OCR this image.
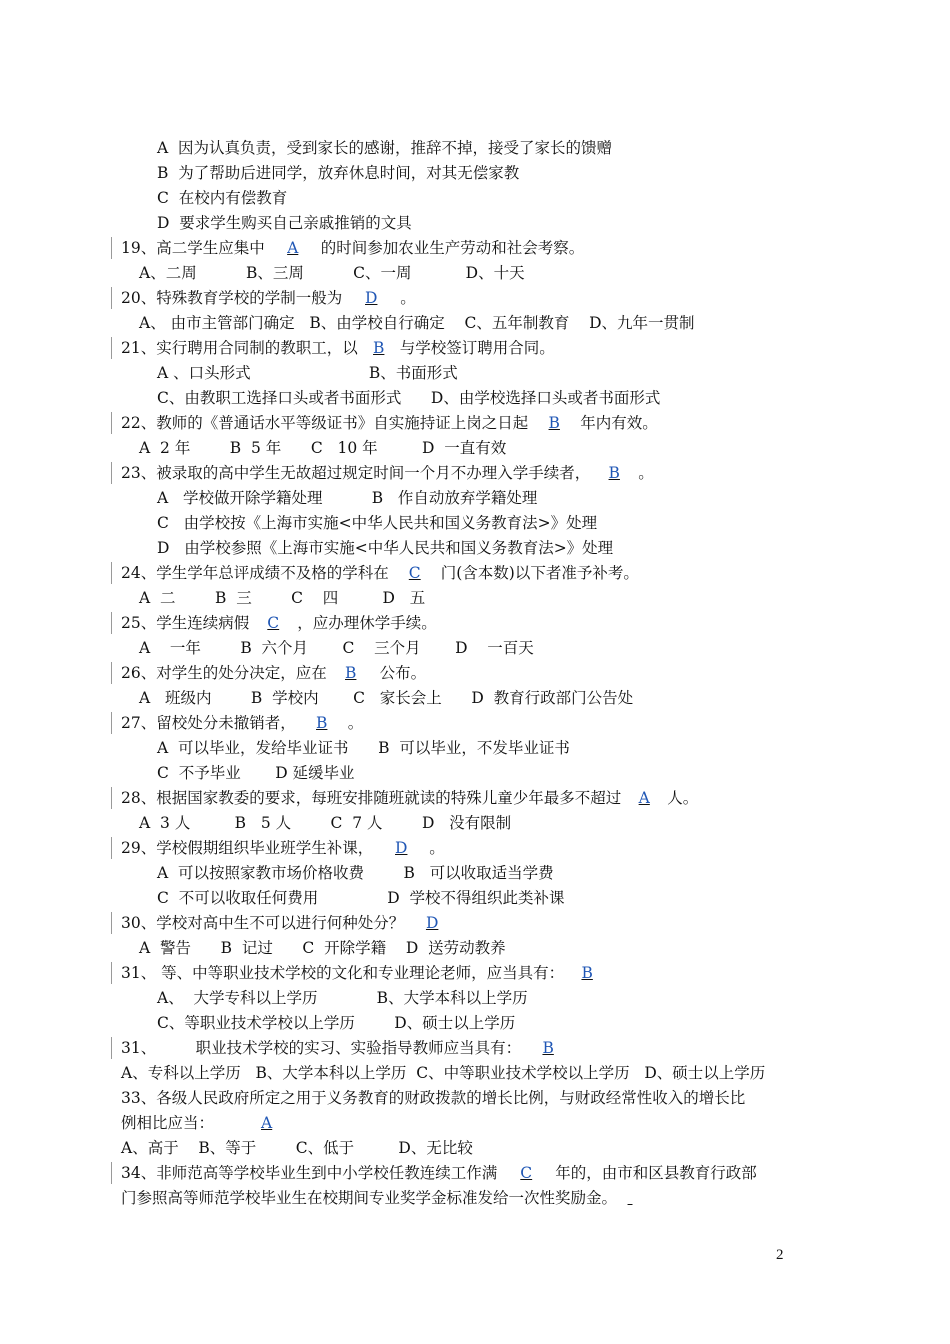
A  因为认真负责，受到家长的感谢，推辞不掉，接受了家长的馈赠
B  为了帮助后进同学，放弃休息时间，对其无偿家教
C  在校内有偿教育
D  要求学生购买自己亲戚推销的文具
19、高二学生应集中 A 的时间参加农业生产劳动和社会考察。
A、二周          B、三周          C、一周           D、十天
20、特殊教育学校的学制一般为 D 。
A、 由市主管部门确定   B、由学校自行确定    C、五年制教育    D、九年一贯制
21、实行聘用合同制的教职工，以 B 与学校签订聘用合同。
A 、口头形式                        B、书面形式
C、由教职工选择口头或者书面形式      D、由学校选择口头或者书面形式
22、教师的《普通话水平等级证书》自实施持证上岗之日起 B 年内有效。
A  2 年        B  5 年      C   10 年         D  一直有效
23、被录取的高中学生无故超过规定时间一个月不办理入学手续者， B 。
A   学校做开除学籍处理          B   作自动放弃学籍处理
C   由学校按《上海市实施<中华人民共和国义务教育法>》处理
D   由学校参照《上海市实施<中华人民共和国义务教育法>》处理
24、学生学年总评成绩不及格的学科在 C 门(含本数)以下者准予补考。
A  二        B  三        C    四         D   五
25、学生连续病假 C ，应办理休学手续。
A    一年        B  六个月       C    三个月       D    一百天
26、对学生的处分决定，应在 B 公布。
A   班级内        B  学校内       C   家长会上      D  教育行政部门公告处
27、留校处分未撤销者， B 。
A  可以毕业，发给毕业证书      B  可以毕业，不发毕业证书
C  不予毕业       D 延缓毕业
28、根据国家教委的要求，每班安排随班就读的特殊儿童少年最多不超过 A 人。
A  3 人         B   5 人        C  7 人        D   没有限制
29、学校假期组织毕业班学生补课， D 。
A  可以按照家教市场价格收费        B   可以收取适当学费
C  不可以收取任何费用              D  学校不得组织此类补课
30、学校对高中生不可以进行何种处分？ D
A  警告      B  记过      C  开除学籍    D  送劳动教养
31、 等、中等职业技术学校的文化和专业理论老师，应当具有： B
A、  大学专科以上学历            B、大学本科以上学历
C、等职业技术学校以上学历        D、硕士以上学历
31、        职业技术学校的实习、实验指导教师应当具有： B
A、专科以上学历   B、大学本科以上学历  C、中等职业技术学校以上学历   D、硕士以上学历
33、各级人民政府所定之用于义务教育的财政拨款的增长比例，与财政经常性收入的增长比
例相比应当：     A
A、高于    B、等于        C、低于         D、无比较
34、非师范高等学校毕业生到中小学校任教连续工作满 C 年的，由市和区县教育行政部
门参照高等师范学校毕业生在校期间专业奖学金标准发给一次性奖励金。
2
